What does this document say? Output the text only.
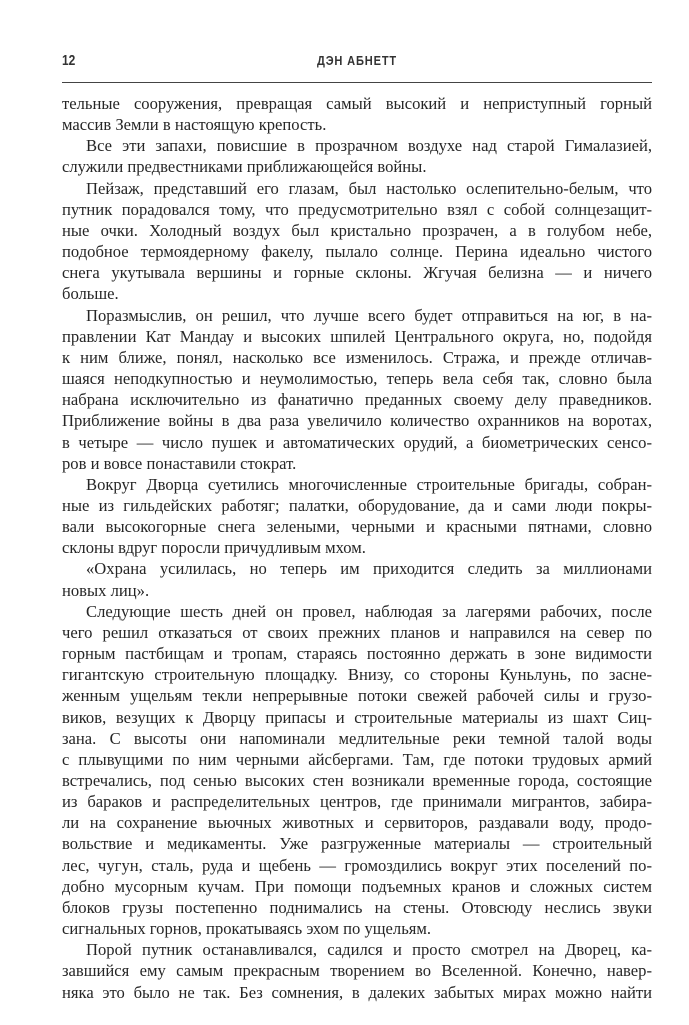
12	ДЭН АБНЕТТ
тельные сооружения, превращая самый высокий и неприступный горный
массив Земли в настоящую крепость.
Все эти запахи, повисшие в прозрачном воздухе над старой Гималазией,
служили предвестниками приближающейся войны.
Пейзаж, представший его глазам, был настолько ослепительно-белым, что
путник порадовался тому, что предусмотрительно взял с собой солнцезащит-
ные очки. Холодный воздух был кристально прозрачен, а в голубом небе,
подобное термоядерному факелу, пылало солнце. Перина идеально чистого
снега укутывала вершины и горные склоны. Жгучая белизна — и ничего
больше.
Поразмыслив, он решил, что лучше всего будет отправиться на юг, в на-
правлении Кат Мандау и высоких шпилей Центрального округа, но, подойдя
к ним ближе, понял, насколько все изменилось. Стража, и прежде отличав-
шаяся неподкупностью и неумолимостью, теперь вела себя так, словно была
набрана исключительно из фанатично преданных своему делу праведников.
Приближение войны в два раза увеличило количество охранников на воротах,
в четыре — число пушек и автоматических орудий, а биометрических сенсо-
ров и вовсе понаставили стократ.
Вокруг Дворца суетились многочисленные строительные бригады, собран-
ные из гильдейских работяг; палатки, оборудование, да и сами люди покры-
вали высокогорные снега зелеными, черными и красными пятнами, словно
склоны вдруг поросли причудливым мхом.
«Охрана усилилась, но теперь им приходится следить за миллионами
новых лиц».
Следующие шесть дней он провел, наблюдая за лагерями рабочих, после
чего решил отказаться от своих прежних планов и направился на север по
горным пастбищам и тропам, стараясь постоянно держать в зоне видимости
гигантскую строительную площадку. Внизу, со стороны Куньлунь, по засне-
женным ущельям текли непрерывные потоки свежей рабочей силы и грузо-
виков, везущих к Дворцу припасы и строительные материалы из шахт Сиц-
зана. С высоты они напоминали медлительные реки темной талой воды
с плывущими по ним черными айсбергами. Там, где потоки трудовых армий
встречались, под сенью высоких стен возникали временные города, состоящие
из бараков и распределительных центров, где принимали мигрантов, забира-
ли на сохранение вьючных животных и сервиторов, раздавали воду, продо-
вольствие и медикаменты. Уже разгруженные материалы — строительный
лес, чугун, сталь, руда и щебень — громоздились вокруг этих поселений по-
добно мусорным кучам. При помощи подъемных кранов и сложных систем
блоков грузы постепенно поднимались на стены. Отовсюду неслись звуки
сигнальных горнов, прокатываясь эхом по ущельям.
Порой путник останавливался, садился и просто смотрел на Дворец, ка-
завшийся ему самым прекрасным творением во Вселенной. Конечно, навер-
няка это было не так. Без сомнения, в далеких забытых мирах можно найти
